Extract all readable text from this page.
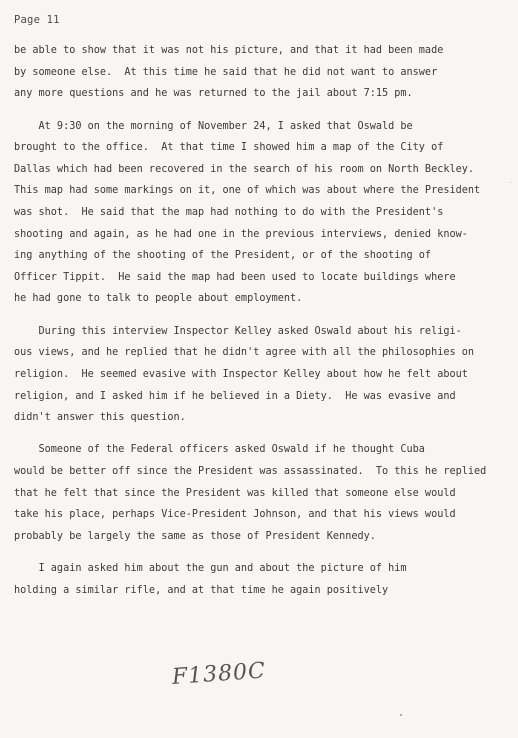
Page 11
be able to show that it was not his picture, and that it had been made
by someone else.  At this time he said that he did not want to answer
any more questions and he was returned to the jail about 7:15 pm.
At 9:30 on the morning of November 24, I asked that Oswald be
brought to the office.  At that time I showed him a map of the City of
Dallas which had been recovered in the search of his room on North Beckley.
This map had some markings on it, one of which was about where the President
was shot.  He said that the map had nothing to do with the President's
shooting and again, as he had one in the previous interviews, denied know-
ing anything of the shooting of the President, or of the shooting of
Officer Tippit.  He said the map had been used to locate buildings where
he had gone to talk to people about employment.
During this interview Inspector Kelley asked Oswald about his religi-
ous views, and he replied that he didn't agree with all the philosophies on
religion.  He seemed evasive with Inspector Kelley about how he felt about
religion, and I asked him if he believed in a Diety.  He was evasive and
didn't answer this question.
Someone of the Federal officers asked Oswald if he thought Cuba
would be better off since the President was assassinated.  To this he replied
that he felt that since the President was killed that someone else would
take his place, perhaps Vice-President Johnson, and that his views would
probably be largely the same as those of President Kennedy.
I again asked him about the gun and about the picture of him
holding a similar rifle, and at that time he again positively
F1380C
